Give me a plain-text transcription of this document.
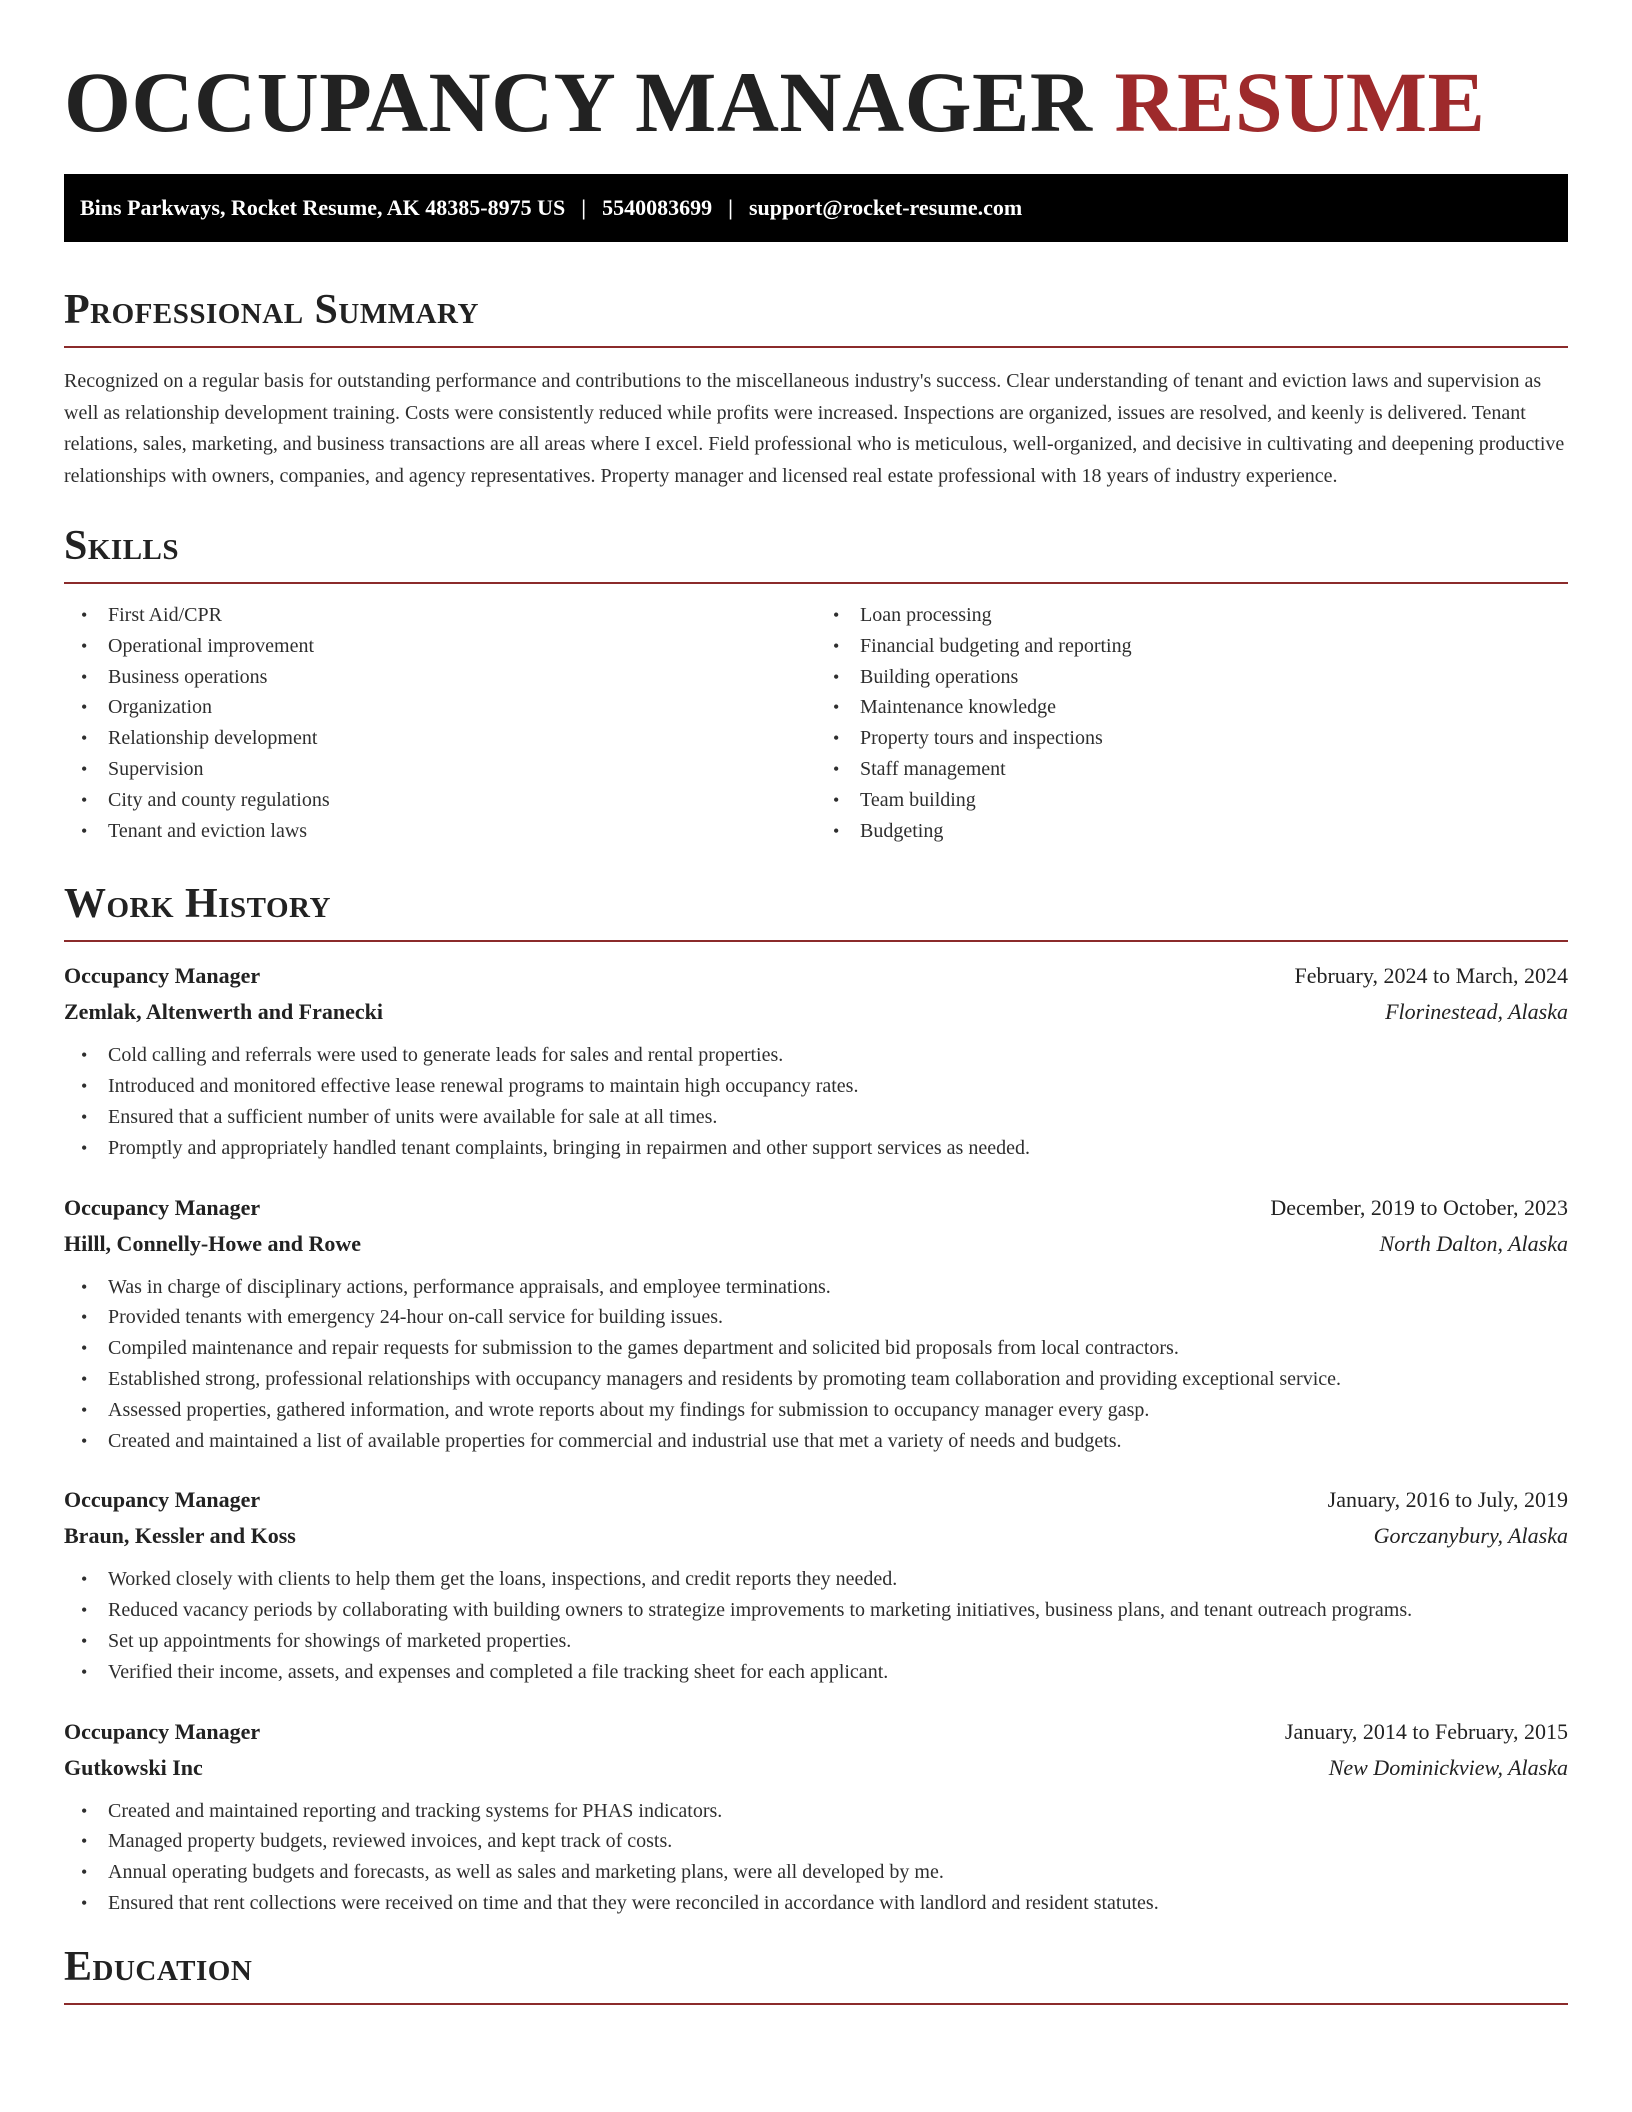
OCCUPANCY MANAGER RESUME
Bins Parkways, Rocket Resume, AK 48385-8975 US | 5540083699 | support@rocket-resume.com
Professional Summary

Recognized on a regular basis for outstanding performance and contributions to the miscellaneous industry's success. Clear understanding of tenant and eviction laws and supervision as well as relationship development training. Costs were consistently reduced while profits were increased. Inspections are organized, issues are resolved, and keenly is delivered. Tenant relations, sales, marketing, and business transactions are all areas where I excel. Field professional who is meticulous, well-organized, and decisive in cultivating and deepening productive relationships with owners, companies, and agency representatives. Property manager and licensed real estate professional with 18 years of industry experience.

Skills
• First Aid/CPR
• Operational improvement
• Business operations
• Organization
• Relationship development
• Supervision
• City and county regulations
• Tenant and eviction laws
• Loan processing
• Financial budgeting and reporting
• Building operations
• Maintenance knowledge
• Property tours and inspections
• Staff management
• Team building
• Budgeting
Work History
Occupancy Manager	February, 2024 to March, 2024
Zemlak, Altenwerth and Franecki	Florinestead, Alaska
• Cold calling and referrals were used to generate leads for sales and rental properties.
• Introduced and monitored effective lease renewal programs to maintain high occupancy rates.
• Ensured that a sufficient number of units were available for sale at all times.
• Promptly and appropriately handled tenant complaints, bringing in repairmen and other support services as needed.
Occupancy Manager	December, 2019 to October, 2023
Hilll, Connelly-Howe and Rowe	North Dalton, Alaska
• Was in charge of disciplinary actions, performance appraisals, and employee terminations.
• Provided tenants with emergency 24-hour on-call service for building issues.
• Compiled maintenance and repair requests for submission to the games department and solicited bid proposals from local contractors.
• Established strong, professional relationships with occupancy managers and residents by promoting team collaboration and providing exceptional service.
• Assessed properties, gathered information, and wrote reports about my findings for submission to occupancy manager every gasp.
• Created and maintained a list of available properties for commercial and industrial use that met a variety of needs and budgets.
Occupancy Manager	January, 2016 to July, 2019
Braun, Kessler and Koss	Gorczanybury, Alaska
• Worked closely with clients to help them get the loans, inspections, and credit reports they needed.
• Reduced vacancy periods by collaborating with building owners to strategize improvements to marketing initiatives, business plans, and tenant outreach programs.
• Set up appointments for showings of marketed properties.
• Verified their income, assets, and expenses and completed a file tracking sheet for each applicant.
Occupancy Manager	January, 2014 to February, 2015
Gutkowski Inc	New Dominickview, Alaska
• Created and maintained reporting and tracking systems for PHAS indicators.
• Managed property budgets, reviewed invoices, and kept track of costs.
• Annual operating budgets and forecasts, as well as sales and marketing plans, were all developed by me.
• Ensured that rent collections were received on time and that they were reconciled in accordance with landlord and resident statutes.
Education
